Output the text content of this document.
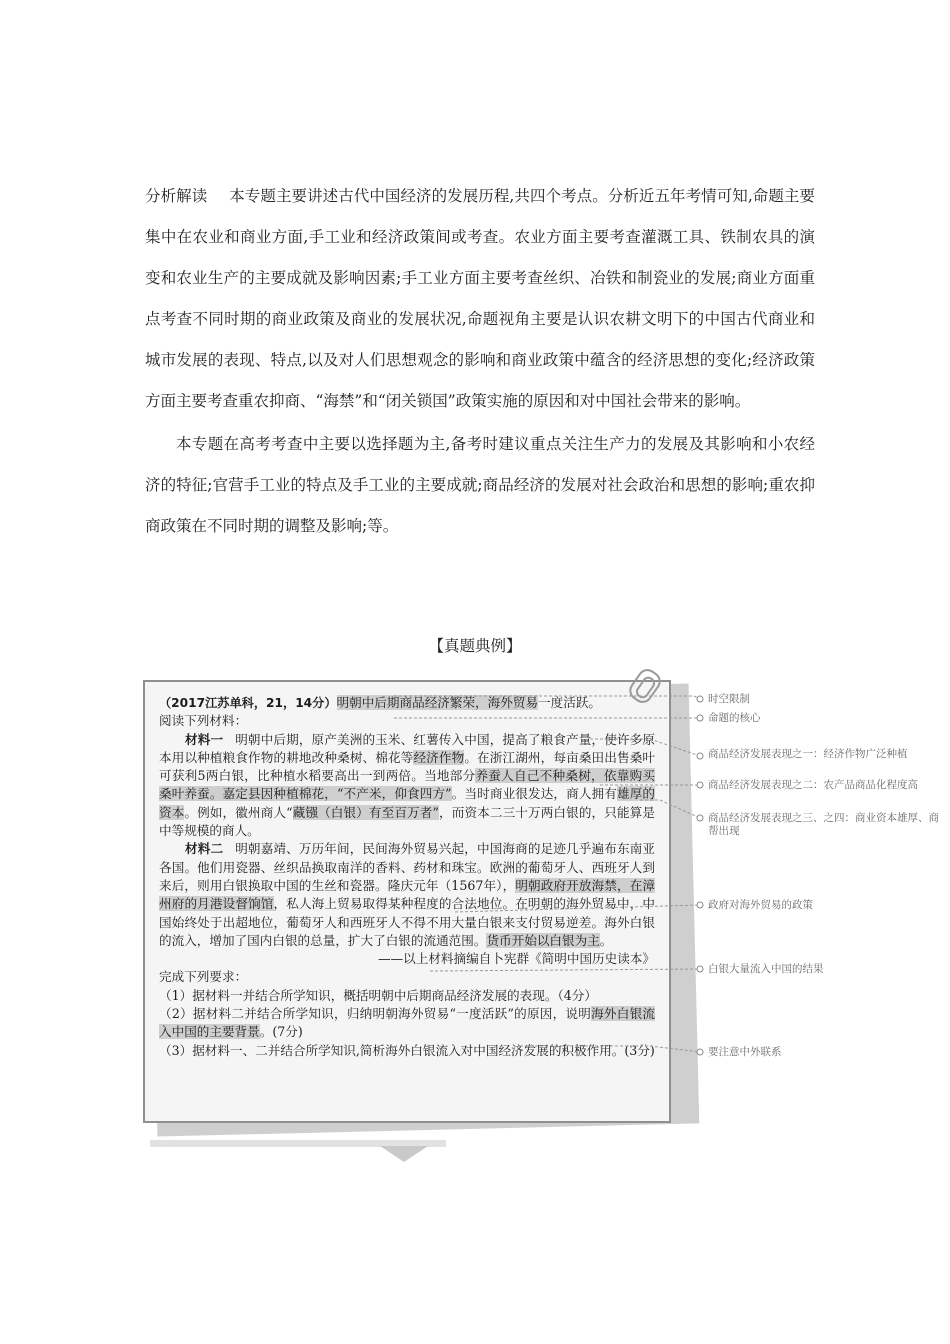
分析解读 本专题主要讲述古代中国经济的发展历程,共四个考点。分析近五年考情可知,命题主要集中在农业和商业方面,手工业和经济政策间或考查。农业方面主要考查灌溉工具、铁制农具的演变和农业生产的主要成就及影响因素;手工业方面主要考查丝织、冶铁和制瓷业的发展;商业方面重点考查不同时期的商业政策及商业的发展状况,命题视角主要是认识农耕文明下的中国古代商业和城市发展的表现、特点,以及对人们思想观念的影响和商业政策中蕴含的经济思想的变化;经济政策方面主要考查重农抑商、“海禁”和“闭关锁国”政策实施的原因和对中国社会带来的影响。

本专题在高考考查中主要以选择题为主,备考时建议重点关注生产力的发展及其影响和小农经济的特征;官营手工业的特点及手工业的主要成就;商品经济的发展对社会政治和思想的影响;重农抑商政策在不同时期的调整及影响;等。

【真题典例】

（2017江苏单科，21，14分）明朝中后期商品经济繁荣，海外贸易一度活跃。

阅读下列材料：

材料一 明朝中后期，原产美洲的玉米、红薯传入中国，提高了粮食产量，使许多原本用以种植粮食作物的耕地改种桑树、棉花等经济作物。在浙江湖州，每亩桑田出售桑叶可获利5两白银，比种植水稻要高出一到两倍。当地部分养蚕人自己不种桑树，依靠购买桑叶养蚕。嘉定县因种植棉花，“不产米，仰食四方”。当时商业很发达，商人拥有雄厚的资本。例如，徽州商人“藏镪（白银）有至百万者”，而资本二三十万两白银的，只能算是中等规模的商人。

材料二 明朝嘉靖、万历年间，民间海外贸易兴起，中国海商的足迹几乎遍布东南亚各国。他们用瓷器、丝织品换取南洋的香料、药材和珠宝。欧洲的葡萄牙人、西班牙人到来后，则用白银换取中国的生丝和瓷器。隆庆元年（1567年），明朝政府开放海禁，在漳州府的月港设督饷馆，私人海上贸易取得某种程度的合法地位。在明朝的海外贸易中，中国始终处于出超地位，葡萄牙人和西班牙人不得不用大量白银来支付贸易逆差。海外白银的流入，增加了国内白银的总量，扩大了白银的流通范围。货币开始以白银为主。

——以上材料摘编自卜宪群《简明中国历史读本》

完成下列要求：

（1）据材料一并结合所学知识，概括明朝中后期商品经济发展的表现。（4分）

（2）据材料二并结合所学知识，归纳明朝海外贸易“一度活跃”的原因，说明海外白银流入中国的主要背景。(7分)

（3）据材料一、二并结合所学知识,简析海外白银流入对中国经济发展的积极作用。(3分)

时空限制
命题的核心
商品经济发展表现之一：经济作物广泛种植
商品经济发展表现之二：农产品商品化程度高
商品经济发展表现之三、之四：商业资本雄厚、商帮出现
政府对海外贸易的政策
白银大量流入中国的结果
要注意中外联系
